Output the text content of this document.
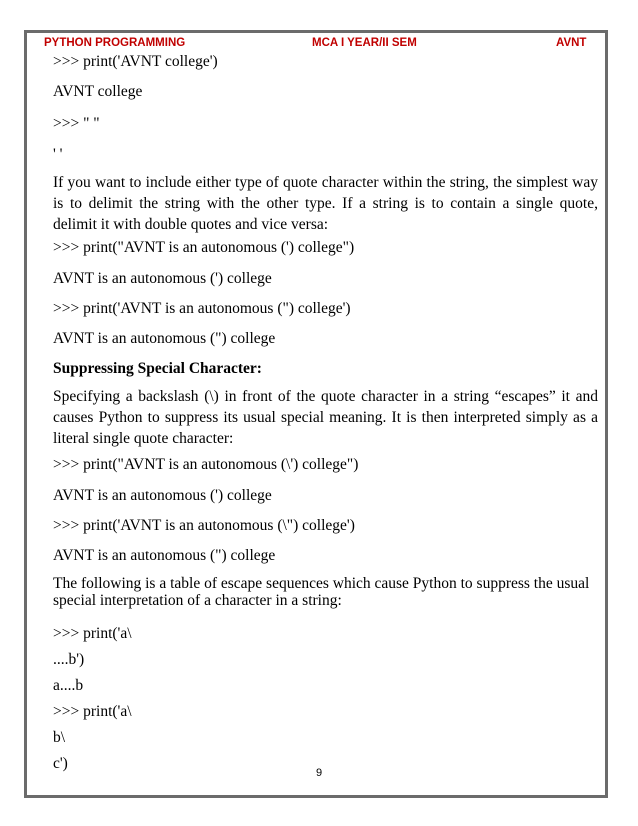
PYTHON PROGRAMMING	MCA I YEAR/II SEM	AVNT
>>> print('AVNT college')
AVNT college
>>> " "
' '
If you want to include either type of quote character within the string, the simplest way is to delimit the string with the other type. If a string is to contain a single quote, delimit it with double quotes and vice versa:
>>> print("AVNT is an autonomous (') college")
AVNT is an autonomous (') college
>>> print('AVNT is an autonomous (") college')
AVNT is an autonomous (") college
Suppressing Special Character:
Specifying a backslash (\) in front of the quote character in a string “escapes” it and causes Python to suppress its usual special meaning. It is then interpreted simply as a literal single quote character:
>>> print("AVNT is an autonomous (\') college")
AVNT is an autonomous (') college
>>> print('AVNT is an autonomous (\") college')
AVNT is an autonomous (") college
The following is a table of escape sequences which cause Python to suppress the usual special interpretation of a character in a string:
>>> print('a\
....b')
a....b
>>> print('a\
b\
c')
9
